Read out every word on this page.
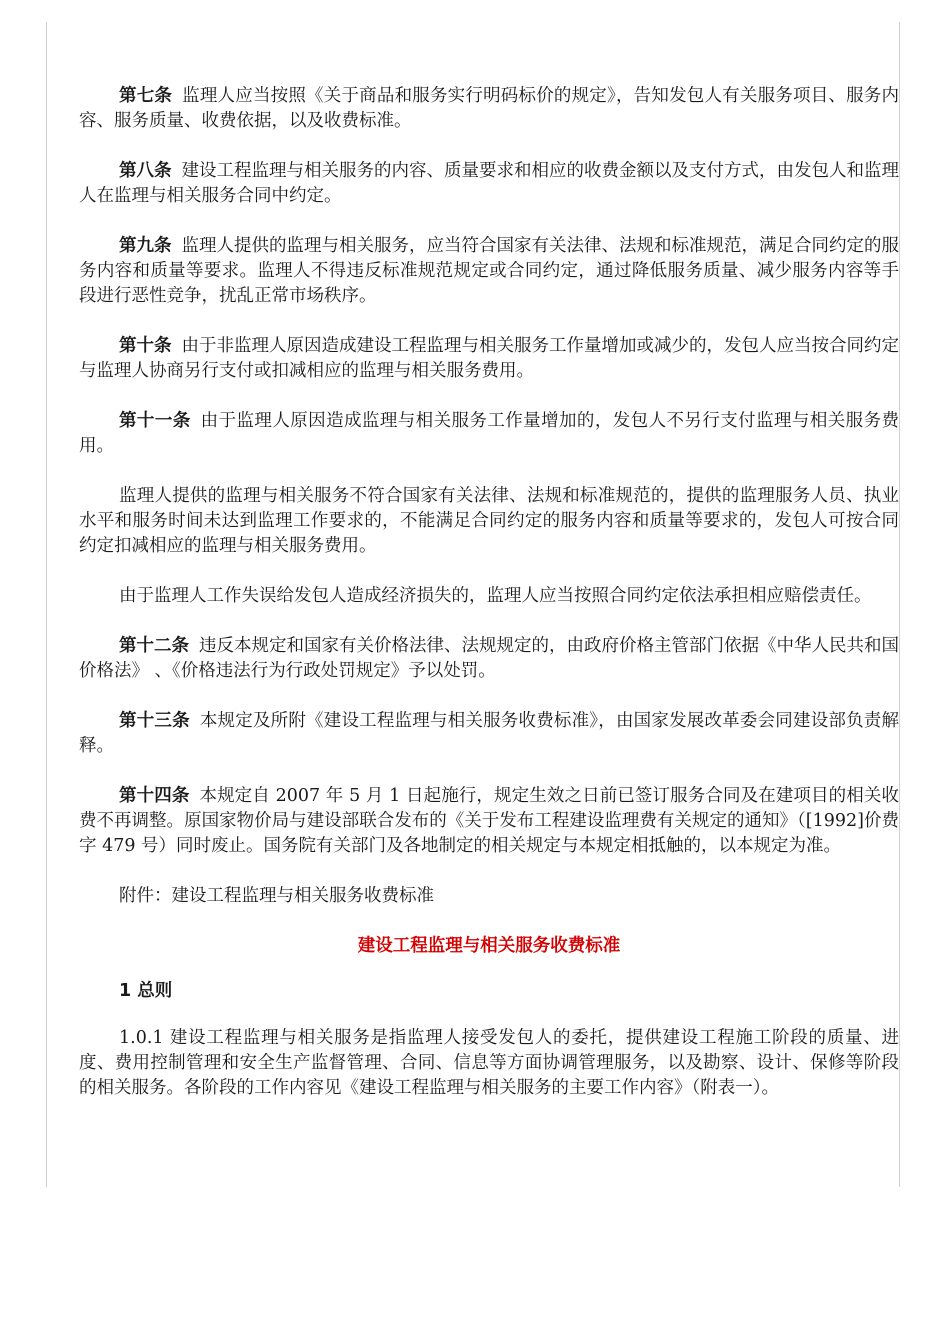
第七条 监理人应当按照《关于商品和服务实行明码标价的规定》，告知发包人有关服务项目、服务内容、服务质量、收费依据，以及收费标准。

第八条 建设工程监理与相关服务的内容、质量要求和相应的收费金额以及支付方式，由发包人和监理人在监理与相关服务合同中约定。

第九条 监理人提供的监理与相关服务，应当符合国家有关法律、法规和标准规范，满足合同约定的服务内容和质量等要求。监理人不得违反标准规范规定或合同约定，通过降低服务质量、减少服务内容等手段进行恶性竞争，扰乱正常市场秩序。

第十条 由于非监理人原因造成建设工程监理与相关服务工作量增加或减少的，发包人应当按合同约定与监理人协商另行支付或扣减相应的监理与相关服务费用。

第十一条 由于监理人原因造成监理与相关服务工作量增加的，发包人不另行支付监理与相关服务费用。

监理人提供的监理与相关服务不符合国家有关法律、法规和标准规范的，提供的监理服务人员、执业水平和服务时间未达到监理工作要求的，不能满足合同约定的服务内容和质量等要求的，发包人可按合同约定扣减相应的监理与相关服务费用。

由于监理人工作失误给发包人造成经济损失的，监理人应当按照合同约定依法承担相应赔偿责任。

第十二条 违反本规定和国家有关价格法律、法规规定的，由政府价格主管部门依据《中华人民共和国价格法》 、《价格违法行为行政处罚规定》予以处罚。

第十三条 本规定及所附《建设工程监理与相关服务收费标准》，由国家发展改革委会同建设部负责解释。

第十四条 本规定自 2007 年 5 月 1 日起施行，规定生效之日前已签订服务合同及在建项目的相关收费不再调整。原国家物价局与建设部联合发布的《关于发布工程建设监理费有关规定的通知》（[1992]价费字 479 号）同时废止。国务院有关部门及各地制定的相关规定与本规定相抵触的，以本规定为准。

附件：建设工程监理与相关服务收费标准

建设工程监理与相关服务收费标准

1 总则

1.0.1 建设工程监理与相关服务是指监理人接受发包人的委托，提供建设工程施工阶段的质量、进度、费用控制管理和安全生产监督管理、合同、信息等方面协调管理服务，以及勘察、设计、保修等阶段的相关服务。各阶段的工作内容见《建设工程监理与相关服务的主要工作内容》（附表一）。
